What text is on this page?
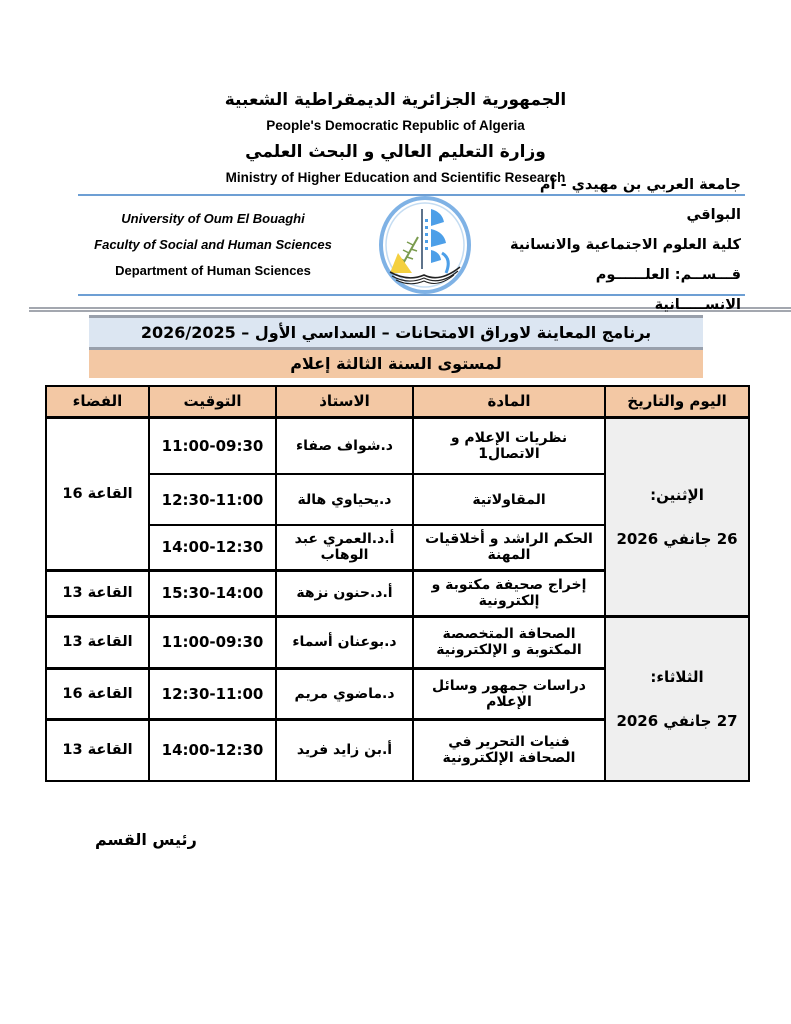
الجمهورية الجزائرية الديمقراطية الشعبية
People's Democratic Republic of Algeria
وزارة التعليم العالي و البحث العلمي
Ministry of Higher Education and Scientific Research
University of Oum El Bouaghi
Faculty of Social and Human Sciences
Department of Human Sciences
جامعة العربي بن مهيدي - أم البواقي
كلية العلوم الاجتماعية والانسانية
قـــســم: العلــــــوم الانســـــانية
برنامج المعاينة لاوراق الامتحانات – السداسي الأول – 2026/2025
لمستوى السنة الثالثة إعلام
اليوم والتاريخ	المادة	الاستاذ	التوقيت	الفضاء

الإثنين:
26 جانفي 2026	نظريات الإعلام و الاتصال1	د.شواف صفاء	11:00-09:30	القاعة 16
	المقاولاتية	د.يحياوي هالة	12:30-11:00	
	الحكم الراشد و أخلاقيات المهنة	أ.د.العمري عبد الوهاب	14:00-12:30	
	إخراج صحيفة مكتوبة و إلكترونية	أ.د.حنون نزهة	15:30-14:00	القاعة 13

الثلاثاء:
27 جانفي 2026	الصحافة المتخصصة المكتوبة و الإلكترونية	د.بوعنان أسماء	11:00-09:30	القاعة 13
	دراسات جمهور وسائل الإعلام	د.ماضوي مريم	12:30-11:00	القاعة 16
	فنيات التحرير في الصحافة الإلكترونية	أ.بن زايد فريد	14:00-12:30	القاعة 13
رئيس القسم
